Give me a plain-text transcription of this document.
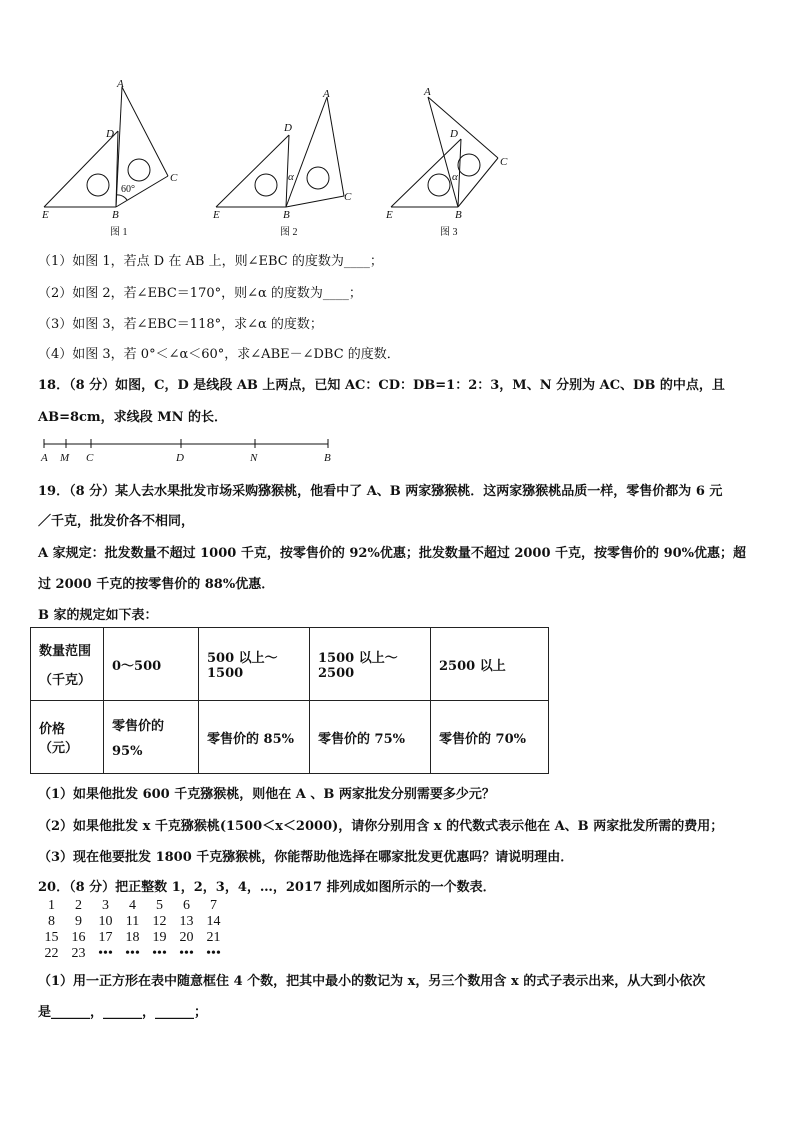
A
D
C
E	B
60°
图 1
A
D
C
E	B
α
图 2
A
D
C
E	B
α
图 3
（1）如图 1，若点 D 在 AB 上，则∠EBC 的度数为____；
（2）如图 2，若∠EBC＝170°，则∠α 的度数为____；
（3）如图 3，若∠EBC＝118°，求∠α 的度数；
（4）如图 3，若 0°＜∠α＜60°，求∠ABE－∠DBC 的度数．
18．（8 分）如图，C，D 是线段 AB 上两点，已知 AC：CD：DB=1：2：3，M、N 分别为 AC、DB 的中点，且
AB=8cm，求线段 MN 的长．
A M C	D	N	B
19．（8 分）某人去水果批发市场采购猕猴桃，他看中了 A、B 两家猕猴桃．这两家猕猴桃品质一样，零售价都为 6 元
／千克，批发价各不相同，
A 家规定：批发数量不超过 1000 千克，按零售价的 92%优惠；批发数量不超过 2000 千克，按零售价的 90%优惠；超
过 2000 千克的按零售价的 88%优惠．
B 家的规定如下表：
数量范围
（千克）	0～500	500 以上～1500	1500 以上～2500	2500 以上
价格（元）	零售价的
95%	零售价的 85%	零售价的 75%	零售价的 70%
（1）如果他批发 600 千克猕猴桃，则他在 A 、B 两家批发分别需要多少元？
（2）如果他批发 x 千克猕猴桃(1500＜x＜2000)，请你分别用含 x 的代数式表示他在 A、B 两家批发所需的费用；
（3）现在他要批发 1800 千克猕猴桃，你能帮助他选择在哪家批发更优惠吗？请说明理由．
20．（8 分）把正整数 1，2，3，4，…，2017 排列成如图所示的一个数表．
1 2 3 4 5 6 7
8 9 10 11 12 13 14
15 16 17 18 19 20 21
22 23 ••• ••• ••• ••• •••
（1）用一正方形在表中随意框住 4 个数，把其中最小的数记为 x，另三个数用含 x 的式子表示出来，从大到小依次
是______，______，______；
